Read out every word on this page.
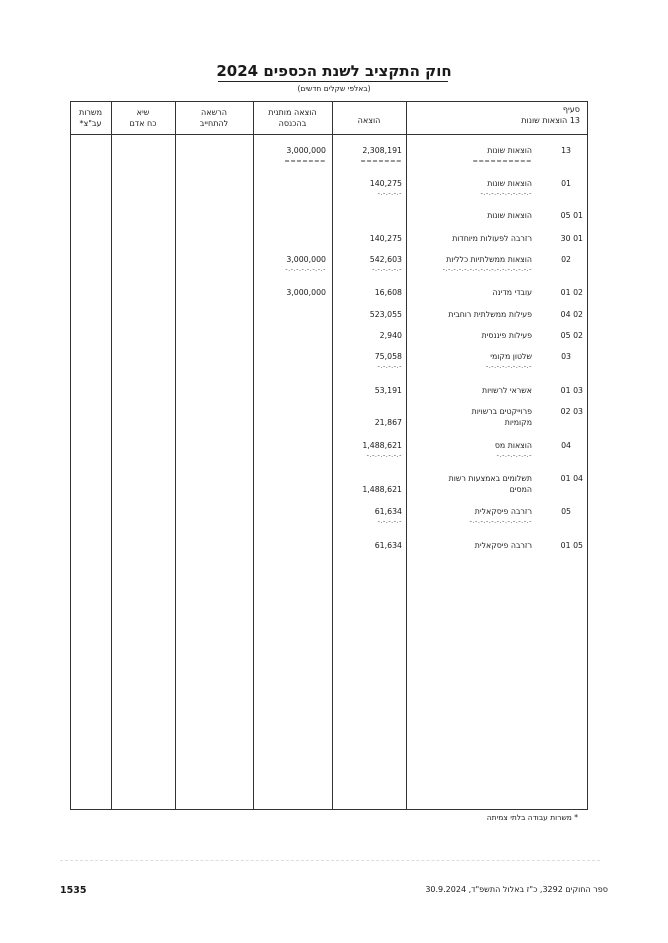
חוק התקציב לשנת הכספים 2024
(באלפי שקלים חדשים)
סעיף
13 הוצאות שונות
הוצאה
הוצאה מותנית
בהכנסה
הרשאה
להתחייב
שיא
כח אדם
משרות
עב"צ*
13
הוצאות שונות
==========
2,308,191
=======
3,000,000
=======
01
הוצאות שונות
-.-.-.-.-.-.-.-.-.-
140,275
-.-.-.-.-
01 05
הוצאות שונות
01 30
רזרבה לפעולות מיוחדות
140,275
02
הוצאות ממשלתיות כלליות
-.-.-.-.-.-.-.-.-.-.-.-.-.-.-.-.-
542,603
-.-.-.-.-.-
3,000,000
-.-.-.-.-.-.-.-
02 01
עובדי מדינה
16,608
3,000,000
02 04
פעילות ממשלתית רוחבית
523,055
02 05
פעילות פיננסית
2,940
03
שלטון מקומי
-.-.-.-.-.-.-.-.-
75,058
-.-.-.-.-
03 01
אשראי לרשויות
53,191
03 02
פרוייקטים ברשויות
מקומיות
21,867
04
הוצאות מס
-.-.-.-.-.-.-
1,488,621
-.-.-.-.-.-.-
04 01
תשלומים באמצעות רשות
המסים
1,488,621
05
רזרבה פיסקאלית
-.-.-.-.-.-.-.-.-.-.-.-
61,634
-.-.-.-.-
05 01
רזרבה פיסקאלית
61,634
* משרות עבודה בלתי צמיתה
1535	ספר החוקים 3292, כ"ז באלול התשפ"ד, 30.9.2024
